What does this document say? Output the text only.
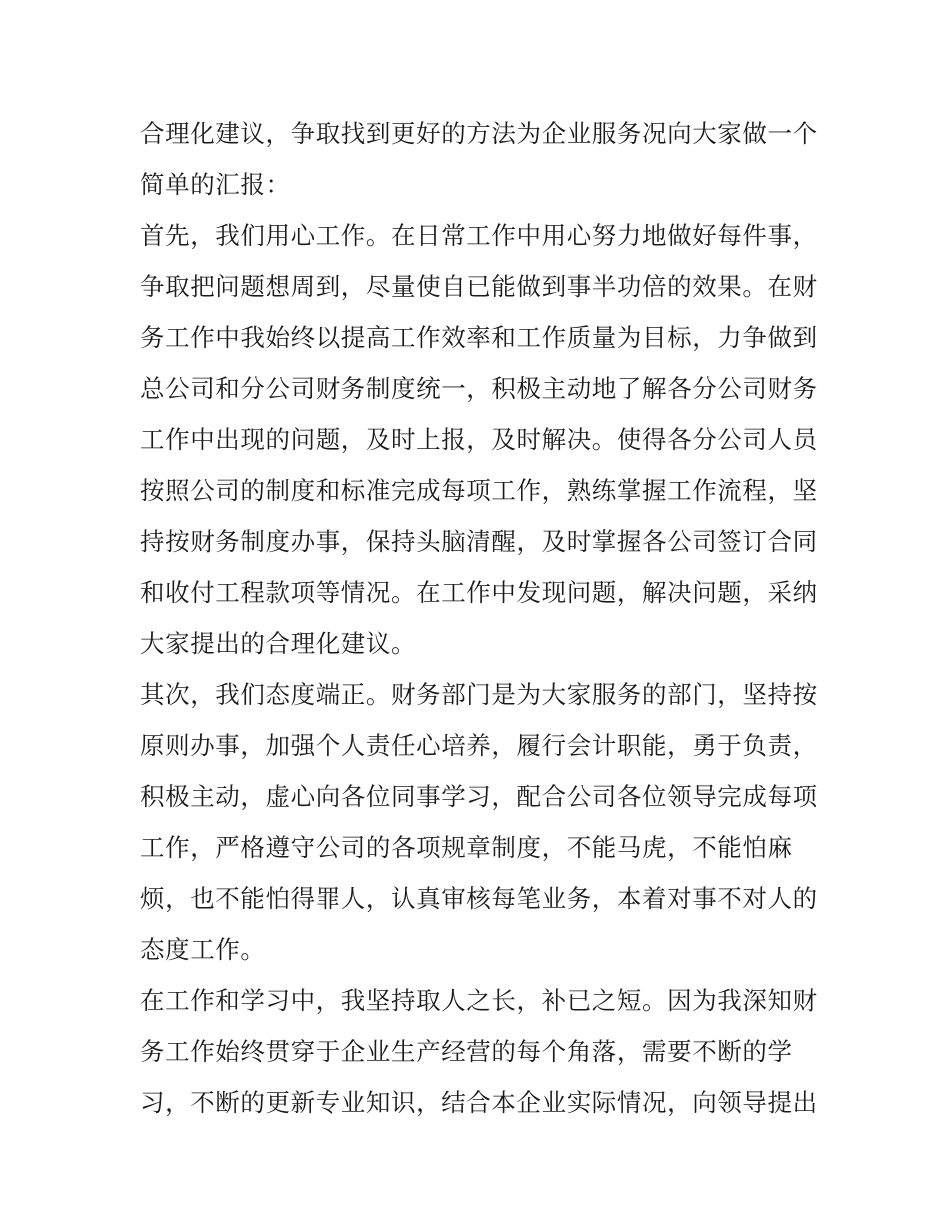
合理化建议，争取找到更好的方法为企业服务况向大家做一个
简单的汇报：
首先，我们用心工作。在日常工作中用心努力地做好每件事，
争取把问题想周到，尽量使自已能做到事半功倍的效果。在财
务工作中我始终以提高工作效率和工作质量为目标，力争做到
总公司和分公司财务制度统一，积极主动地了解各分公司财务
工作中出现的问题，及时上报，及时解决。使得各分公司人员
按照公司的制度和标准完成每项工作，熟练掌握工作流程，坚
持按财务制度办事，保持头脑清醒，及时掌握各公司签订合同
和收付工程款项等情况。在工作中发现问题，解决问题，采纳
大家提出的合理化建议。
其次，我们态度端正。财务部门是为大家服务的部门，坚持按
原则办事，加强个人责任心培养，履行会计职能，勇于负责，
积极主动，虚心向各位同事学习，配合公司各位领导完成每项
工作，严格遵守公司的各项规章制度，不能马虎，不能怕麻
烦，也不能怕得罪人，认真审核每笔业务，本着对事不对人的
态度工作。
在工作和学习中，我坚持取人之长，补已之短。因为我深知财
务工作始终贯穿于企业生产经营的每个角落，需要不断的学
习，不断的更新专业知识，结合本企业实际情况，向领导提出
